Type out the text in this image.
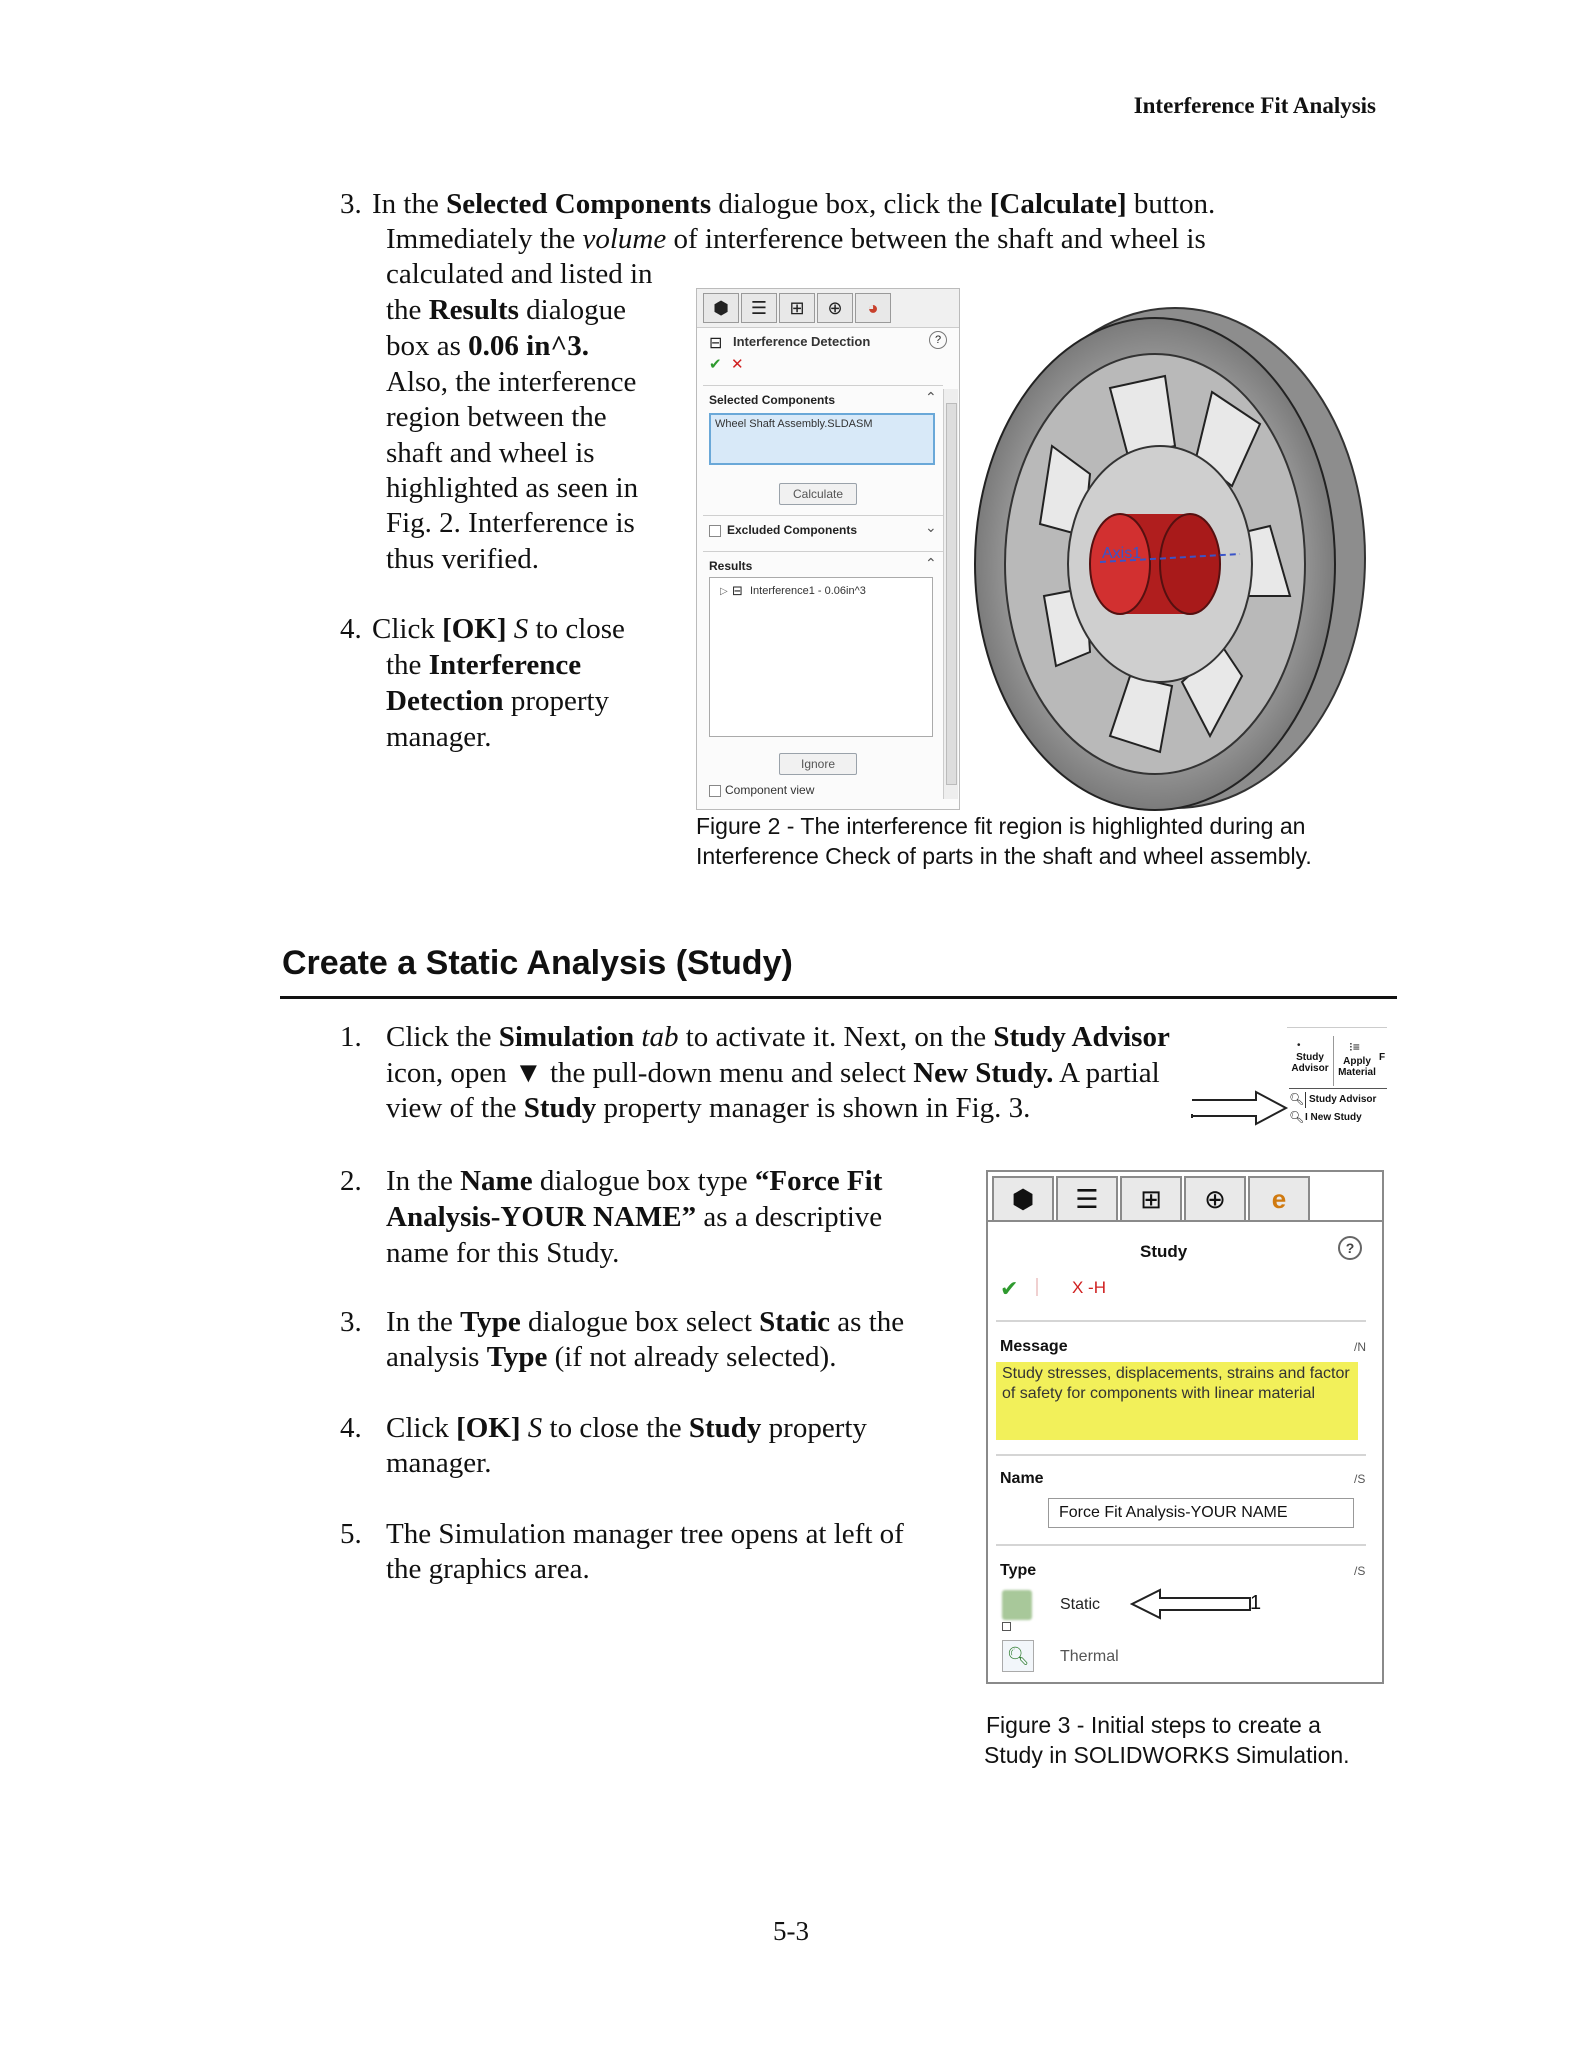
Interference Fit Analysis
3. In the Selected Components dialogue box, click the [Calculate] button.
Immediately the volume of interference between the shaft and wheel is
calculated and listed in
the Results dialogue
box as 0.06 in^3.
Also, the interference
region between the
shaft and wheel is
highlighted as seen in
Fig. 2. Interference is
thus verified.
4. Click [OK] S to close
the Interference
Detection property
manager.
⬢	☰	⊞	⊕	◕
⊟ Interference Detection	?
✔ ✕
Selected Components	⌃
Wheel Shaft Assembly.SLDASM
Calculate
Excluded Components	⌄
Results	⌃
▷ ⊟ Interference1 - 0.06in^3
Ignore
Component view
Axis1
Figure 2 - The interference fit region is highlighted during an
Interference Check of parts in the shaft and wheel assembly.
Create a Static Analysis (Study)
1. Click the Simulation tab to activate it. Next, on the Study Advisor
icon, open ▼ the pull-down menu and select New Study. A partial
view of the Study property manager is shown in Fig. 3.
•
Study
Advisor
⁝≡
Apply
Material
F
🔍︎ Study Advisor
🔍︎ I New Study
2. In the Name dialogue box type “Force Fit
Analysis-YOUR NAME” as a descriptive
name for this Study.
3. In the Type dialogue box select Static as the
analysis Type (if not already selected).
4. Click [OK] S to close the Study property
manager.
5. The Simulation manager tree opens at left of
the graphics area.
⬢	☰	⊞	⊕	e
Study	?
✔	X -H
Message	/N
Study stresses, displacements, strains and factor of safety for components with linear material
Name	/S
Force Fit Analysis-YOUR NAME
Type	/S
Static	1
🔍︎ Thermal
Figure 3 - Initial steps to create a
Study in SOLIDWORKS Simulation.
5-3
